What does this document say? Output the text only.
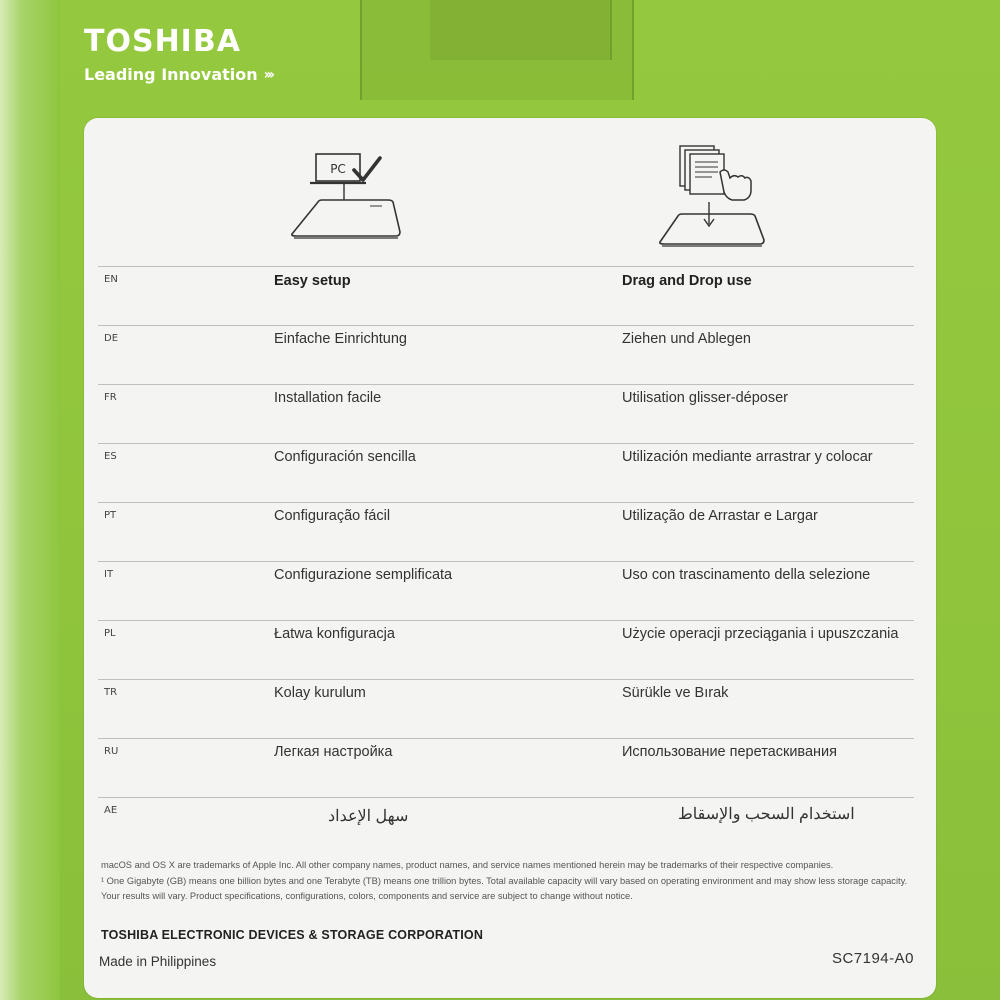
TOSHIBA
Leading Innovation ›››
PC
EN	Easy setup	Drag and Drop use
DE	Einfache Einrichtung	Ziehen und Ablegen
FR	Installation facile	Utilisation glisser-déposer
ES	Configuración sencilla	Utilización mediante arrastrar y colocar
PT	Configuração fácil	Utilização de Arrastar e Largar
IT	Configurazione semplificata	Uso con trascinamento della selezione
PL	Łatwa konfiguracja	Użycie operacji przeciągania i upuszczania
TR	Kolay kurulum	Sürükle ve Bırak
RU	Легкая настройка	Использование перетаскивания
AE	سهل الإعداد	استخدام السحب والإسقاط
macOS and OS X are trademarks of Apple Inc. All other company names, product names, and service names mentioned herein may be trademarks of their respective companies.
¹ One Gigabyte (GB) means one billion bytes and one Terabyte (TB) means one trillion bytes. Total available capacity will vary based on operating environment and may show less storage capacity.
Your results will vary. Product specifications, configurations, colors, components and service are subject to change without notice.
TOSHIBA ELECTRONIC DEVICES & STORAGE CORPORATION
Made in Philippines	SC7194-A0
